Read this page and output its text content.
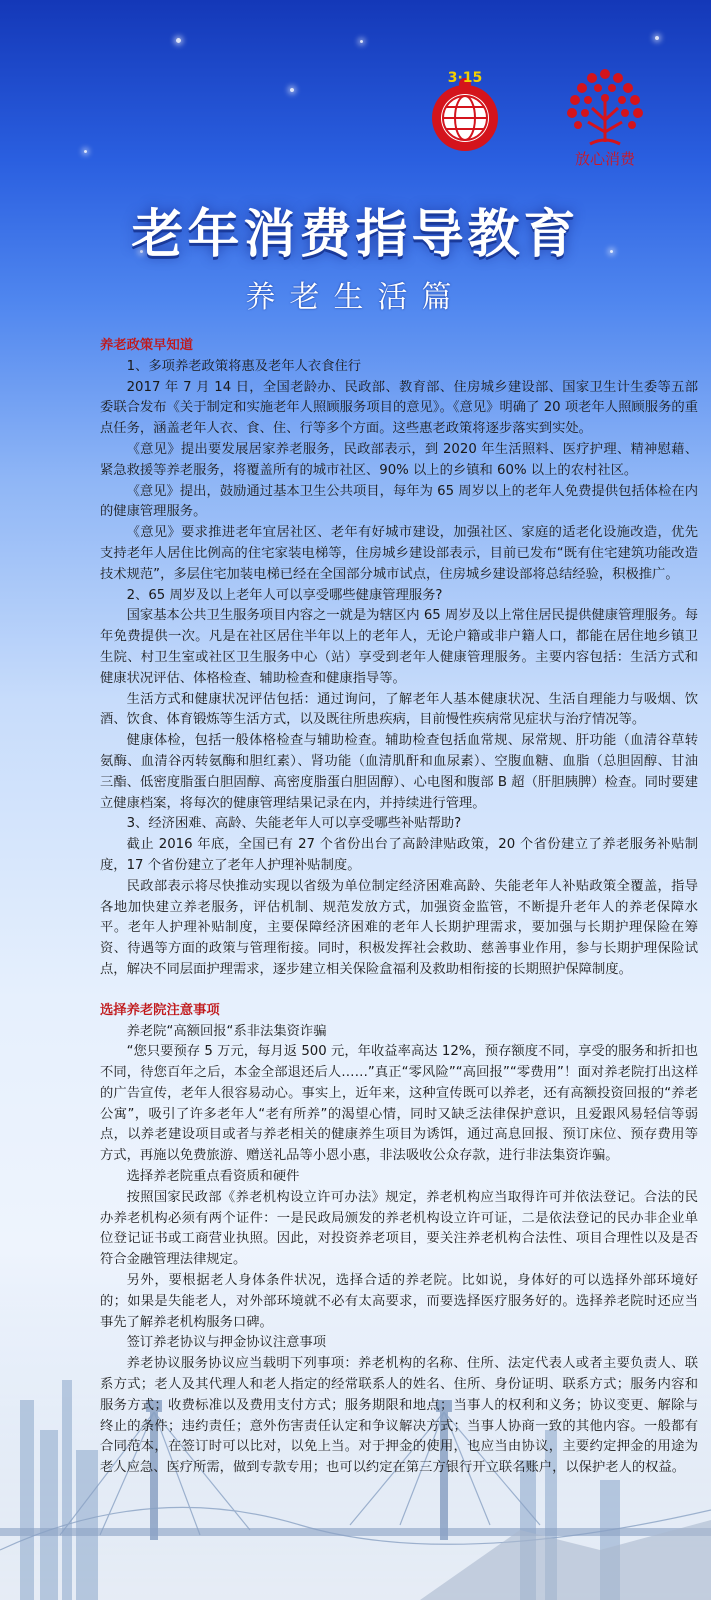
3·15
放心消费
老年消费指导教育
养老生活篇

养老政策早知道

1、多项养老政策将惠及老年人衣食住行

2017 年 7 月 14 日，全国老龄办、民政部、教育部、住房城乡建设部、国家卫生计生委等五部委联合发布《关于制定和实施老年人照顾服务项目的意见》。《意见》明确了 20 项老年人照顾服务的重点任务，涵盖老年人衣、食、住、行等多个方面。这些惠老政策将逐步落实到实处。

《意见》提出要发展居家养老服务，民政部表示，到 2020 年生活照料、医疗护理、精神慰藉、紧急救援等养老服务，将覆盖所有的城市社区、90% 以上的乡镇和 60% 以上的农村社区。

《意见》提出，鼓励通过基本卫生公共项目，每年为 65 周岁以上的老年人免费提供包括体检在内的健康管理服务。

《意见》要求推进老年宜居社区、老年有好城市建设，加强社区、家庭的适老化设施改造，优先支持老年人居住比例高的住宅家装电梯等，住房城乡建设部表示，目前已发布“既有住宅建筑功能改造技术规范”，多层住宅加装电梯已经在全国部分城市试点，住房城乡建设部将总结经验，积极推广。

2、65 周岁及以上老年人可以享受哪些健康管理服务?

国家基本公共卫生服务项目内容之一就是为辖区内 65 周岁及以上常住居民提供健康管理服务。每年免费提供一次。凡是在社区居住半年以上的老年人，无论户籍或非户籍人口，都能在居住地乡镇卫生院、村卫生室或社区卫生服务中心（站）享受到老年人健康管理服务。主要内容包括：生活方式和健康状况评估、体格检查、辅助检查和健康指导等。

生活方式和健康状况评估包括：通过询问，了解老年人基本健康状况、生活自理能力与吸烟、饮酒、饮食、体育锻炼等生活方式，以及既往所患疾病，目前慢性疾病常见症状与治疗情况等。

健康体检，包括一般体格检查与辅助检查。辅助检查包括血常规、尿常规、肝功能（血清谷草转氨酶、血清谷丙转氨酶和胆红素）、肾功能（血清肌酐和血尿素）、空腹血糖、血脂（总胆固醇、甘油三酯、低密度脂蛋白胆固醇、高密度脂蛋白胆固醇）、心电图和腹部 B 超（肝胆胰脾）检查。同时要建立健康档案，将每次的健康管理结果记录在内，并持续进行管理。

3、经济困难、高龄、失能老年人可以享受哪些补贴帮助?

截止 2016 年底，全国已有 27 个省份出台了高龄津贴政策，20 个省份建立了养老服务补贴制度，17 个省份建立了老年人护理补贴制度。

民政部表示将尽快推动实现以省级为单位制定经济困难高龄、失能老年人补贴政策全覆盖，指导各地加快建立养老服务，评估机制、规范发放方式，加强资金监管，不断提升老年人的养老保障水平。老年人护理补贴制度，主要保障经济困难的老年人长期护理需求，要加强与长期护理保险在筹资、待遇等方面的政策与管理衔接。同时，积极发挥社会救助、慈善事业作用，参与长期护理保险试点，解决不同层面护理需求，逐步建立相关保险盒福利及救助相衔接的长期照护保障制度。

选择养老院注意事项

养老院“高额回报“系非法集资诈骗

“您只要预存 5 万元，每月返 500 元，年收益率高达 12%，预存额度不同，享受的服务和折扣也不同，待您百年之后，本金全部退还后人……”真正“零风险”“高回报”“零费用”！面对养老院打出这样的广告宣传，老年人很容易动心。事实上，近年来，这种宣传既可以养老，还有高额投资回报的“养老公寓”，吸引了许多老年人“老有所养”的渴望心情，同时又缺乏法律保护意识，且爱跟风易轻信等弱点，以养老建设项目或者与养老相关的健康养生项目为诱饵，通过高息回报、预订床位、预存费用等方式，再施以免费旅游、赠送礼品等小恩小惠，非法吸收公众存款，进行非法集资诈骗。

选择养老院重点看资质和硬件

按照国家民政部《养老机构设立许可办法》规定，养老机构应当取得许可并依法登记。合法的民办养老机构必须有两个证件：一是民政局颁发的养老机构设立许可证，二是依法登记的民办非企业单位登记证书或工商营业执照。因此，对投资养老项目，要关注养老机构合法性、项目合理性以及是否符合金融管理法律规定。

另外，要根据老人身体条件状况，选择合适的养老院。比如说，身体好的可以选择外部环境好的；如果是失能老人，对外部环境就不必有太高要求，而要选择医疗服务好的。选择养老院时还应当事先了解养老机构服务口碑。

签订养老协议与押金协议注意事项

养老协议服务协议应当载明下列事项：养老机构的名称、住所、法定代表人或者主要负责人、联系方式；老人及其代理人和老人指定的经常联系人的姓名、住所、身份证明、联系方式；服务内容和服务方式；收费标准以及费用支付方式；服务期限和地点；当事人的权利和义务；协议变更、解除与终止的条件；违约责任；意外伤害责任认定和争议解决方式；当事人协商一致的其他内容。一般都有合同范本，在签订时可以比对，以免上当。对于押金的使用，也应当由协议，主要约定押金的用途为老人应急、医疗所需，做到专款专用；也可以约定在第三方银行开立联名账户，以保护老人的权益。
